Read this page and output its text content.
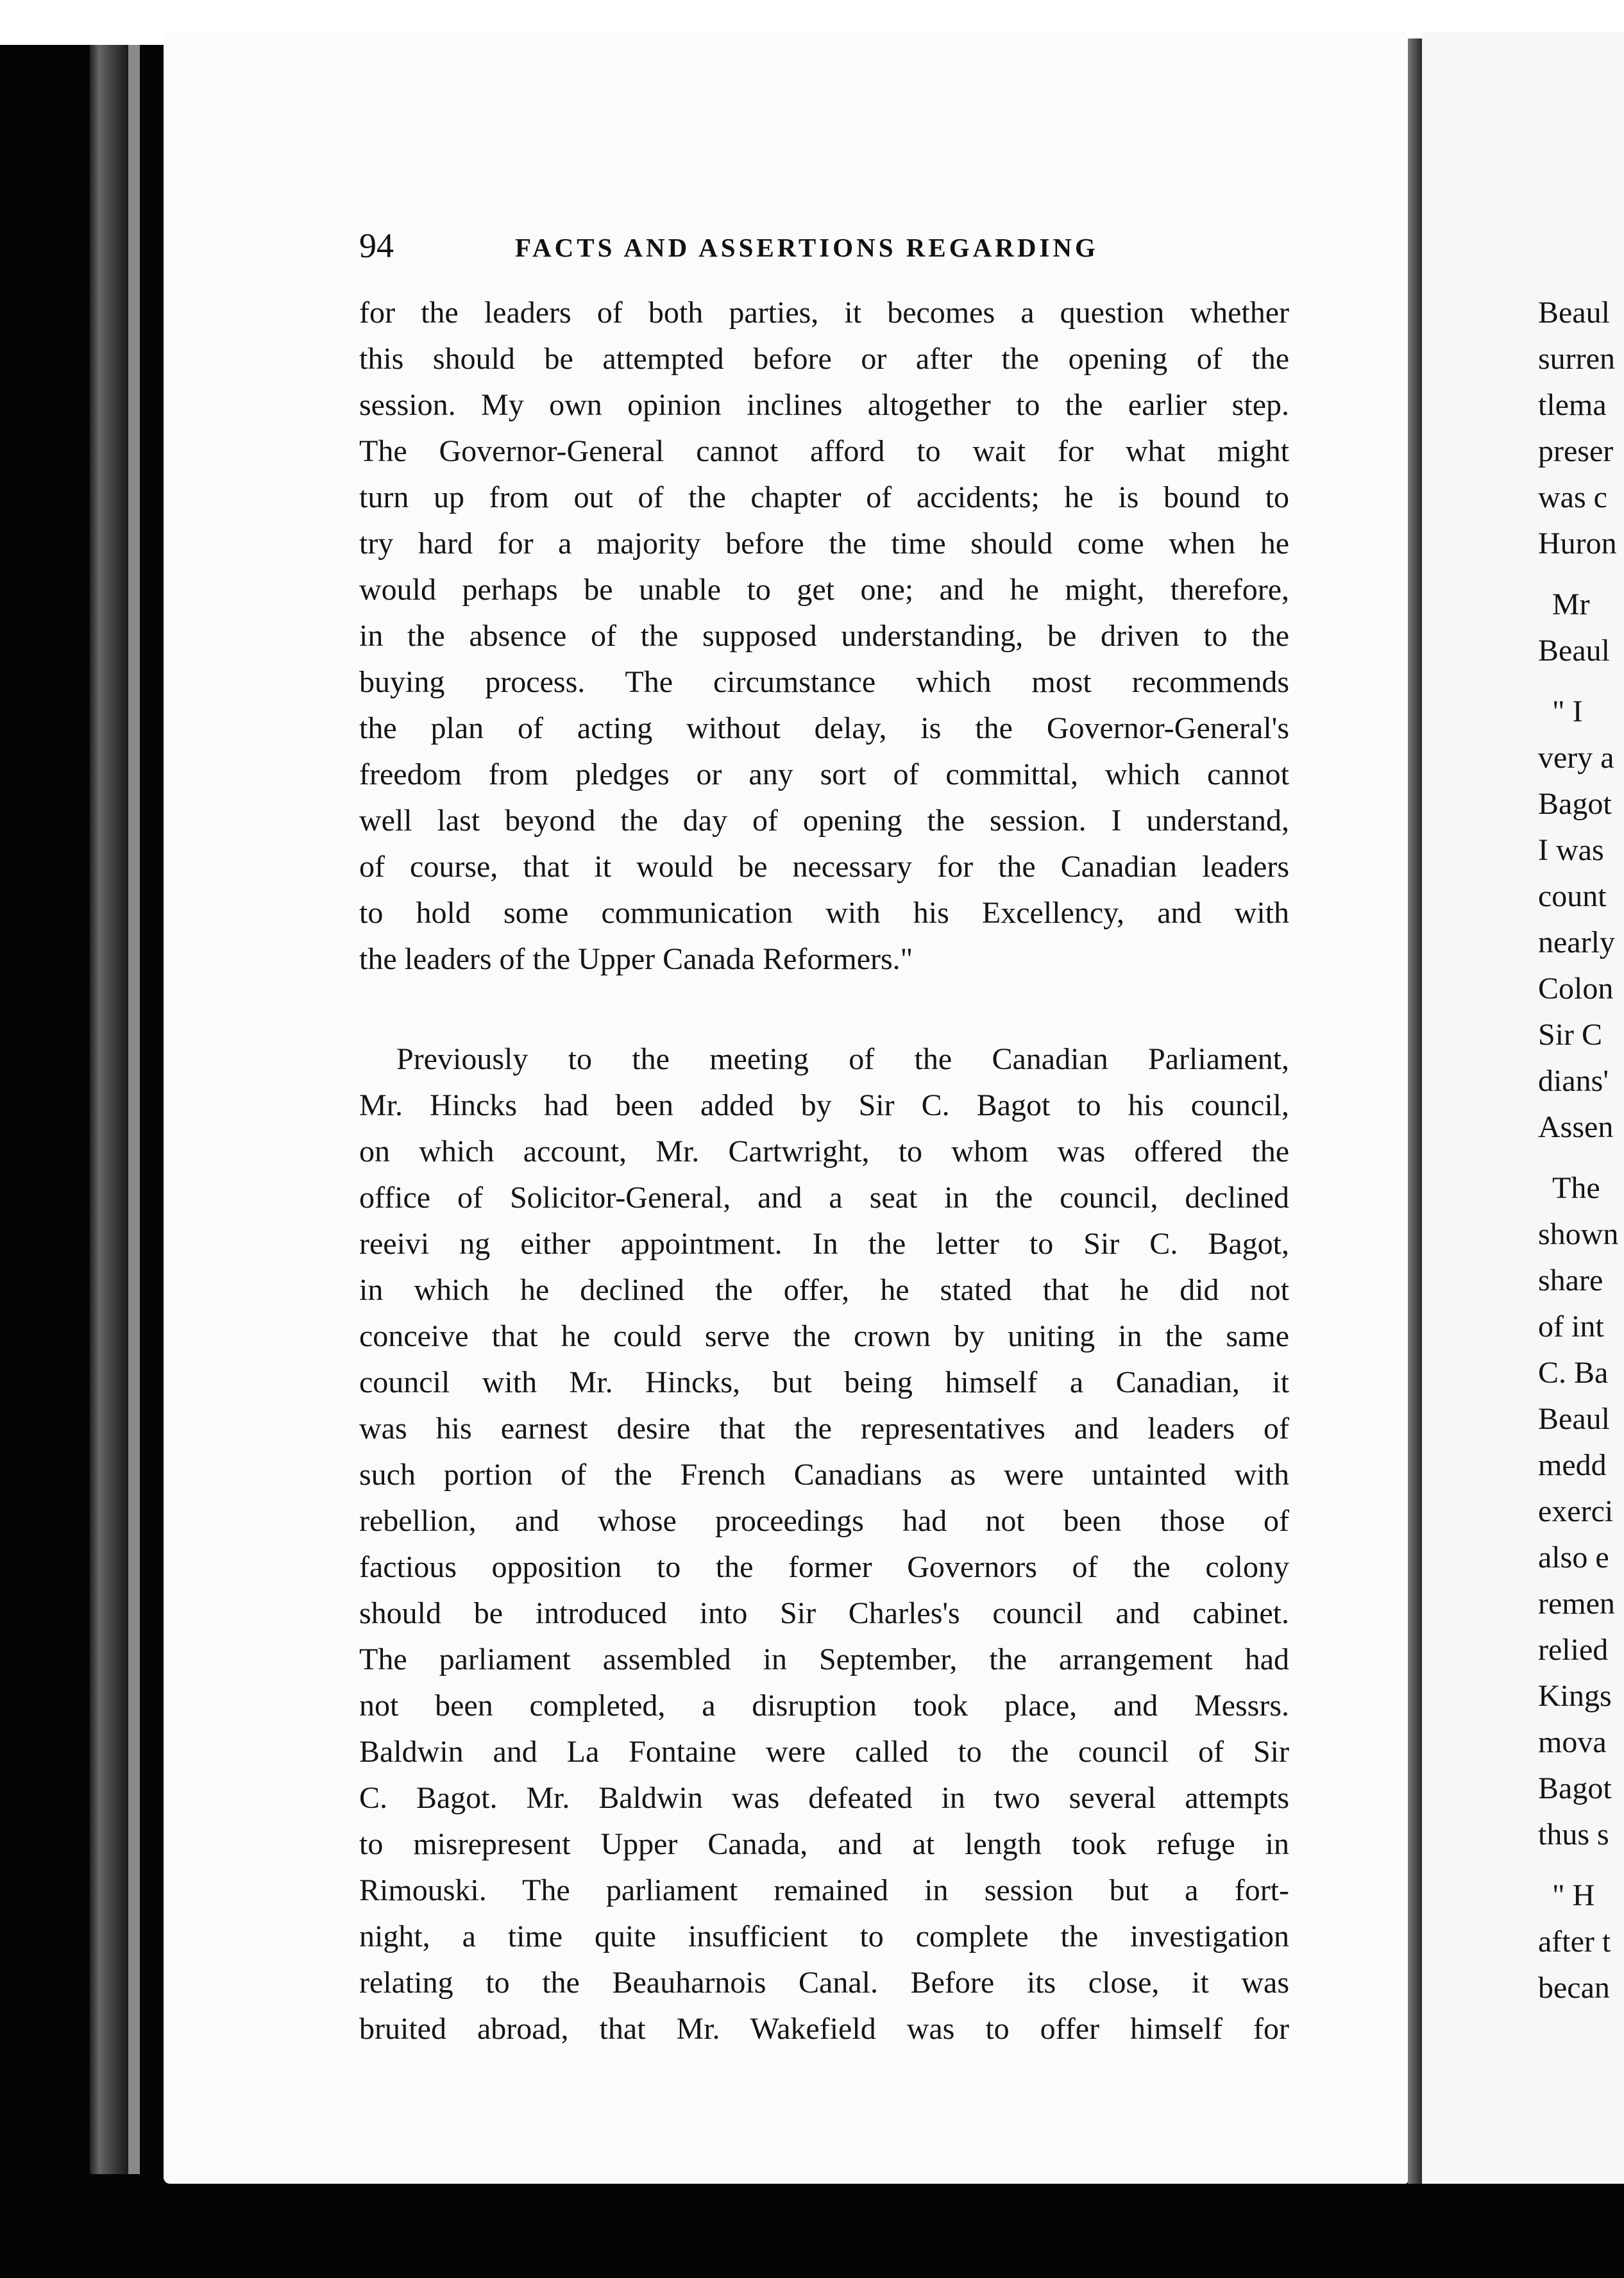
94	FACTS AND ASSERTIONS REGARDING
for the leaders of both parties, it becomes a question whether
this should be attempted before or after the opening of the
session. My own opinion inclines altogether to the earlier step.
The Governor-General cannot afford to wait for what might
turn up from out of the chapter of accidents; he is bound to
try hard for a majority before the time should come when he
would perhaps be unable to get one; and he might, therefore,
in the absence of the supposed understanding, be driven to the
buying process. The circumstance which most recommends
the plan of acting without delay, is the Governor-General's
freedom from pledges or any sort of committal, which cannot
well last beyond the day of opening the session. I understand,
of course, that it would be necessary for the Canadian leaders
to hold some communication with his Excellency, and with
the leaders of the Upper Canada Reformers."
Previously to the meeting of the Canadian Parliament,
Mr. Hincks had been added by Sir C. Bagot to his council,
on which account, Mr. Cartwright, to whom was offered the
office of Solicitor-General, and a seat in the council, declined
reeivi ng either appointment. In the letter to Sir C. Bagot,
in which he declined the offer, he stated that he did not
conceive that he could serve the crown by uniting in the same
council with Mr. Hincks, but being himself a Canadian, it
was his earnest desire that the representatives and leaders of
such portion of the French Canadians as were untainted with
rebellion, and whose proceedings had not been those of
factious opposition to the former Governors of the colony
should be introduced into Sir Charles's council and cabinet.
The parliament assembled in September, the arrangement had
not been completed, a disruption took place, and Messrs.
Baldwin and La Fontaine were called to the council of Sir
C. Bagot. Mr. Baldwin was defeated in two several attempts
to misrepresent Upper Canada, and at length took refuge in
Rimouski. The parliament remained in session but a fort-
night, a time quite insufficient to complete the investigation
relating to the Beauharnois Canal. Before its close, it was
bruited abroad, that Mr. Wakefield was to offer himself for
Beaul
surren
tlema
preser
was c
Huron
Mr
Beaul
" I
very a
Bagot
I was
count
nearly
Colon
Sir C
dians'
Assen
The
shown
share
of int
C. Ba
Beaul
medd
exerci
also e
remen
relied
Kings
mova
Bagot
thus s
" H
after t
becan
